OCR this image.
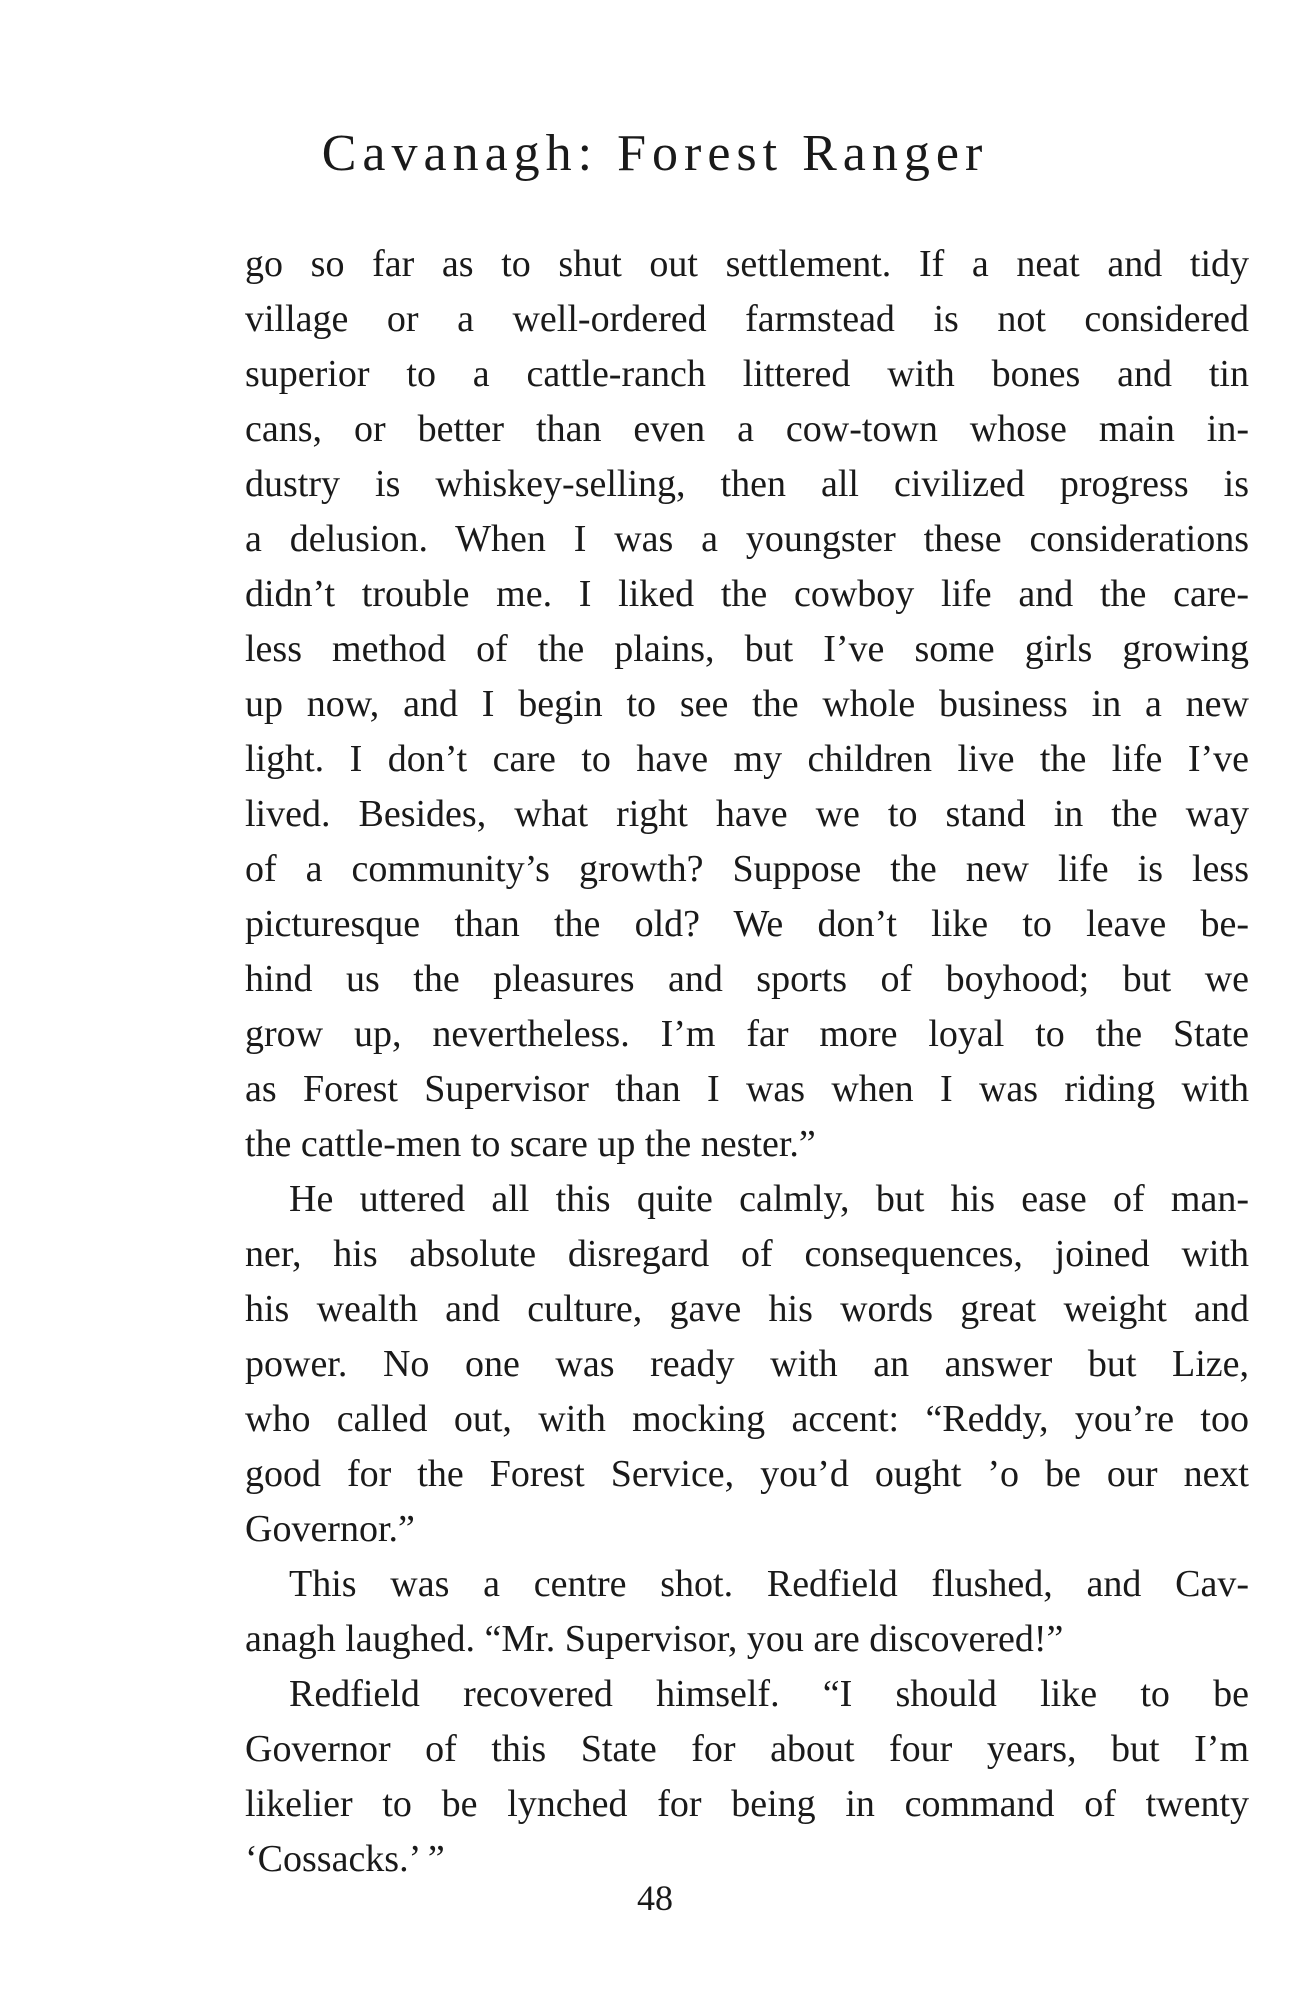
Cavanagh: Forest Ranger
go so far as to shut out settlement. If a neat and tidy
village or a well-ordered farmstead is not considered
superior to a cattle-ranch littered with bones and tin
cans, or better than even a cow-town whose main in-
dustry is whiskey-selling, then all civilized progress is
a delusion. When I was a youngster these considerations
didn’t trouble me. I liked the cowboy life and the care-
less method of the plains, but I’ve some girls growing
up now, and I begin to see the whole business in a new
light. I don’t care to have my children live the life I’ve
lived. Besides, what right have we to stand in the way
of a community’s growth? Suppose the new life is less
picturesque than the old? We don’t like to leave be-
hind us the pleasures and sports of boyhood; but we
grow up, nevertheless. I’m far more loyal to the State
as Forest Supervisor than I was when I was riding with
the cattle-men to scare up the nester.”
He uttered all this quite calmly, but his ease of man-
ner, his absolute disregard of consequences, joined with
his wealth and culture, gave his words great weight and
power. No one was ready with an answer but Lize,
who called out, with mocking accent: “Reddy, you’re too
good for the Forest Service, you’d ought ’o be our next
Governor.”
This was a centre shot. Redfield flushed, and Cav-
anagh laughed. “Mr. Supervisor, you are discovered!”
Redfield recovered himself. “I should like to be
Governor of this State for about four years, but I’m
likelier to be lynched for being in command of twenty
‘Cossacks.’ ”
48
